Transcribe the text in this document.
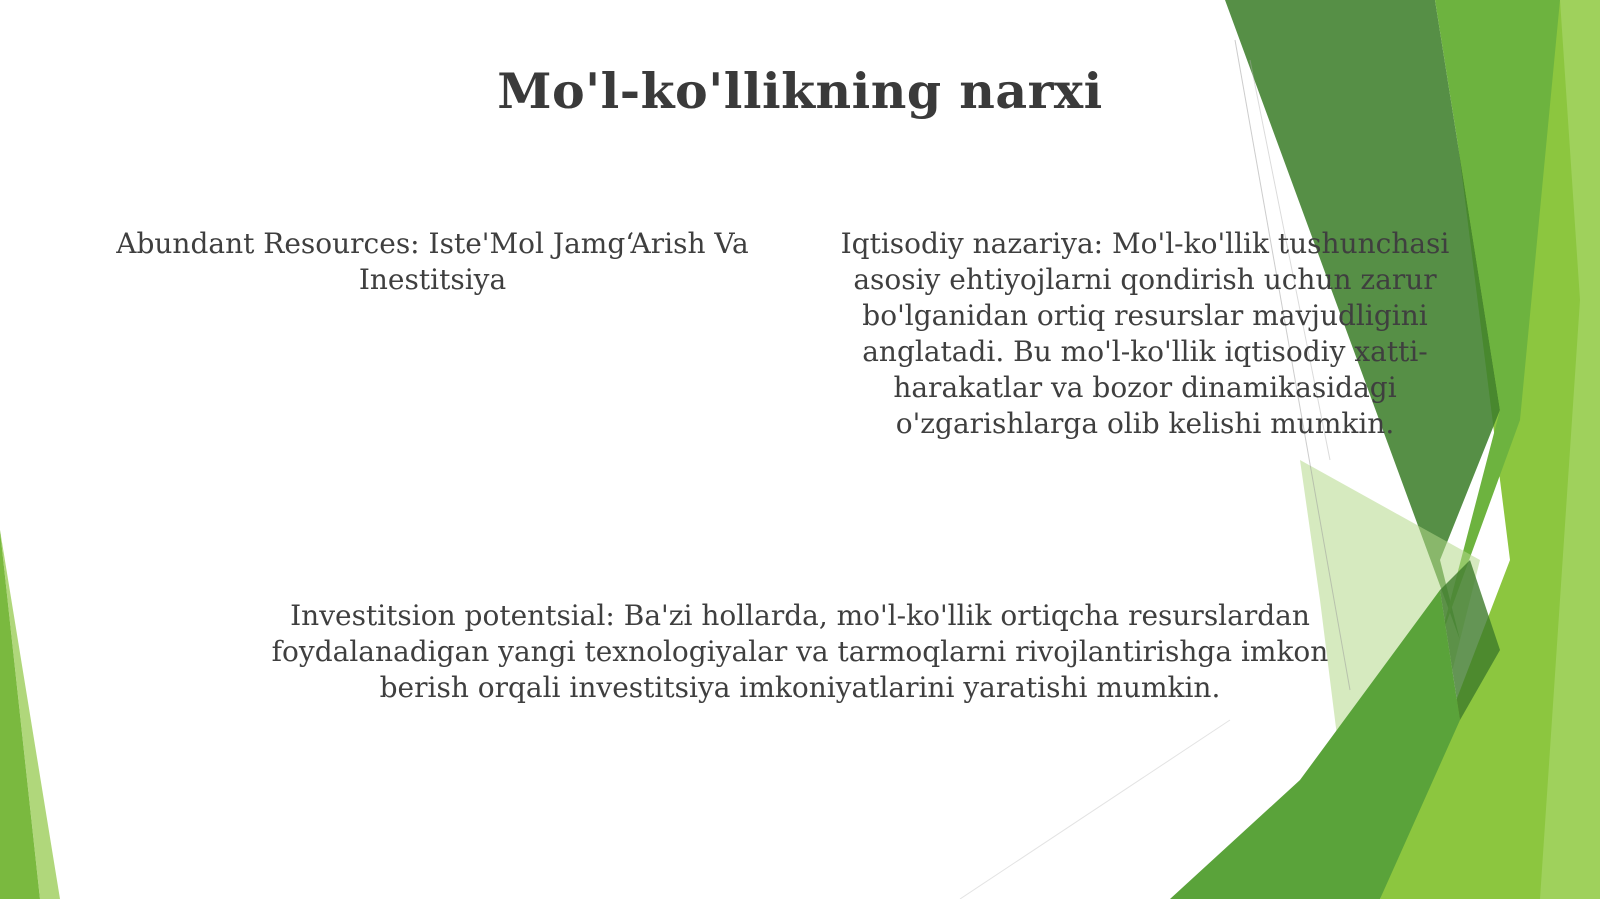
Mo'l-ko'llikning narxi
Abundant Resources: Iste'Mol Jamg‘Arish Va Inestitsiya
Iqtisodiy nazariya: Mo'l-ko'llik tushunchasi asosiy ehtiyojlarni qondirish uchun zarur bo'lganidan ortiq resurslar mavjudligini anglatadi. Bu mo'l-ko'llik iqtisodiy xatti-harakatlar va bozor dinamikasidagi o'zgarishlarga olib kelishi mumkin.
Investitsion potentsial: Ba'zi hollarda, mo'l-ko'llik ortiqcha resurslardan foydalanadigan yangi texnologiyalar va tarmoqlarni rivojlantirishga imkon berish orqali investitsiya imkoniyatlarini yaratishi mumkin.
